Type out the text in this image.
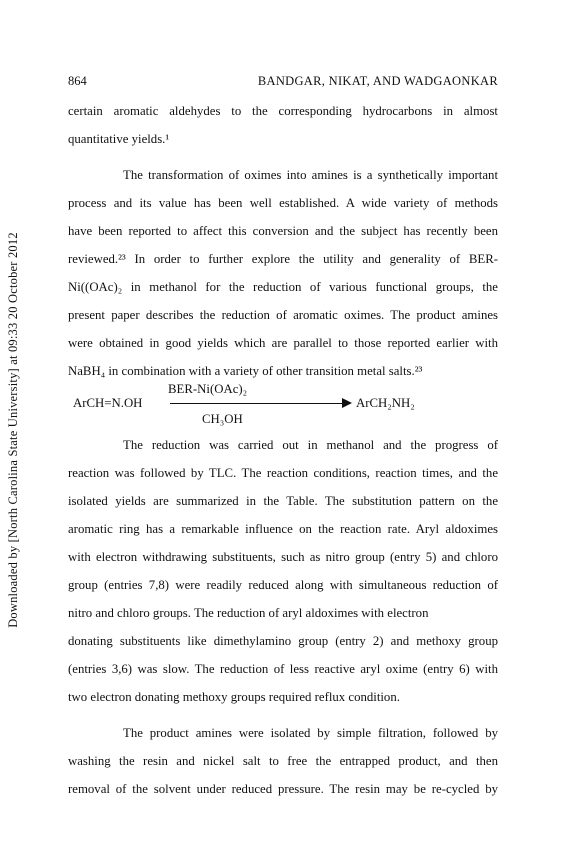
Downloaded by [North Carolina State University] at 09:33 20 October 2012
864	BANDGAR, NIKAT, AND WADGAONKAR
certain aromatic aldehydes to the corresponding hydrocarbons in almost
quantitative yields.¹
The transformation of oximes into amines is a synthetically important
process and its value has been well established. A wide variety of methods
have been reported to affect this conversion and the subject has recently been
reviewed.²³ In order to further explore the utility and generality of BER-
Ni((OAc)₂ in methanol for the reduction of various functional groups, the
present paper describes the reduction of aromatic oximes. The product amines
were obtained in good yields which are parallel to those reported earlier with
NaBH₄ in combination with a variety of other transition metal salts.²³
BER-Ni(OAc)₂
ArCH=N.OH	ArCH₂NH₂
CH₃OH
The reduction was carried out in methanol and the progress of
reaction was followed by TLC. The reaction conditions, reaction times, and the
isolated yields are summarized in the Table. The substitution pattern on the
aromatic ring has a remarkable influence on the reaction rate. Aryl aldoximes
with electron withdrawing substituents, such as nitro group (entry 5) and chloro
group (entries 7,8) were readily reduced along with simultaneous reduction of
nitro and chloro groups. The reduction of aryl aldoximes with electron
donating substituents like dimethylamino group (entry 2) and methoxy group
(entries 3,6) was slow. The reduction of less reactive aryl oxime (entry 6) with
two electron donating methoxy groups required reflux condition.
The product amines were isolated by simple filtration, followed by
washing the resin and nickel salt to free the entrapped product, and then
removal of the solvent under reduced pressure. The resin may be re-cycled by
